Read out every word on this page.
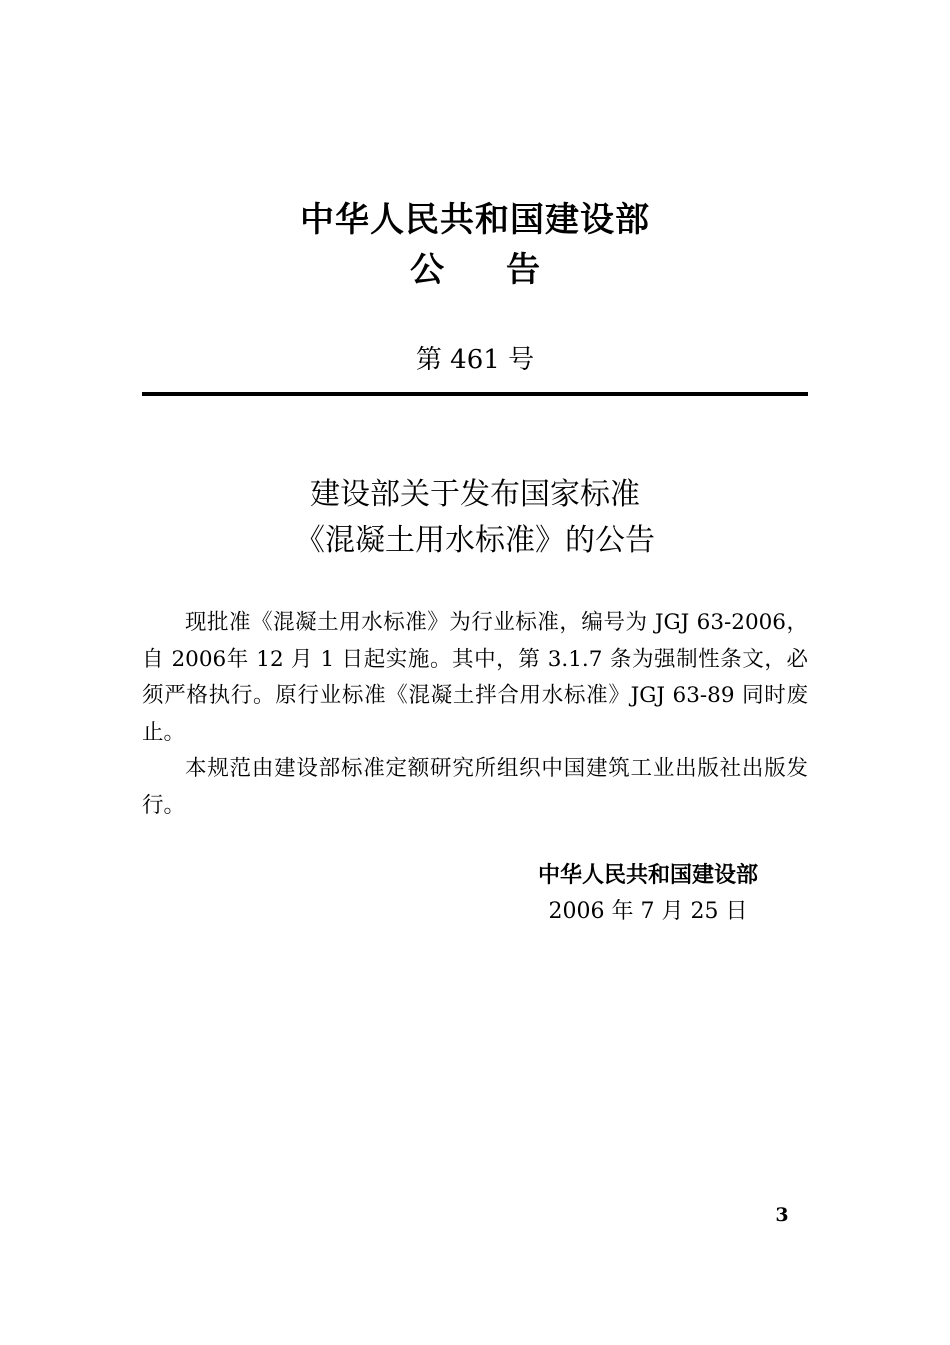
中华人民共和国建设部
公 告
第 461 号
建设部关于发布国家标准
《混凝土用水标准》的公告

现批准《混凝土用水标准》为行业标准，编号为 JGJ 63-2006，自 2006年 12 月 1 日起实施。其中，第 3.1.7 条为强制性条文，必须严格执行。原行业标准《混凝土拌合用水标准》JGJ 63-89 同时废止。

本规范由建设部标准定额研究所组织中国建筑工业出版社出版发行。

中华人民共和国建设部
2006 年 7 月 25 日
3
